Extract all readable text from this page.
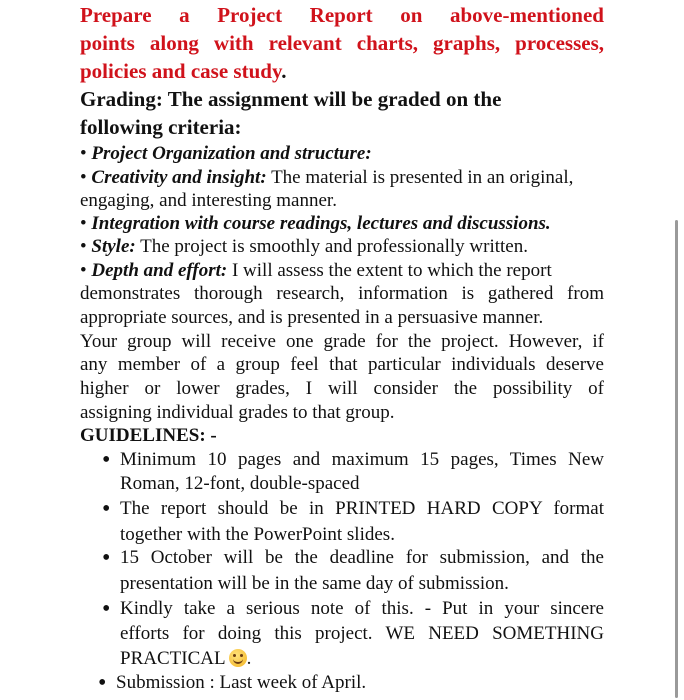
Prepare a Project Report on above-mentioned
points along with relevant charts, graphs, processes,
policies and case study.
Grading: The assignment will be graded on the
following criteria:
• Project Organization and structure:
• Creativity and insight: The material is presented in an original,
engaging, and interesting manner.
• Integration with course readings, lectures and discussions.
• Style: The project is smoothly and professionally written.
• Depth and effort: I will assess the extent to which the report
demonstrates thorough research, information is gathered from
appropriate sources, and is presented in a persuasive manner.
Your group will receive one grade for the project. However, if
any member of a group feel that particular individuals deserve
higher or lower grades, I will consider the possibility of
assigning individual grades to that group.
GUIDELINES: -
• Minimum 10 pages and maximum 15 pages, Times New
Roman, 12-font, double-spaced
• The report should be in PRINTED HARD COPY format
together with the PowerPoint slides.
• 15 October will be the deadline for submission, and the
presentation will be in the same day of submission.
• Kindly take a serious note of this. - Put in your sincere
efforts for doing this project. WE NEED SOMETHING
PRACTICAL .
• Submission : Last week of April.
